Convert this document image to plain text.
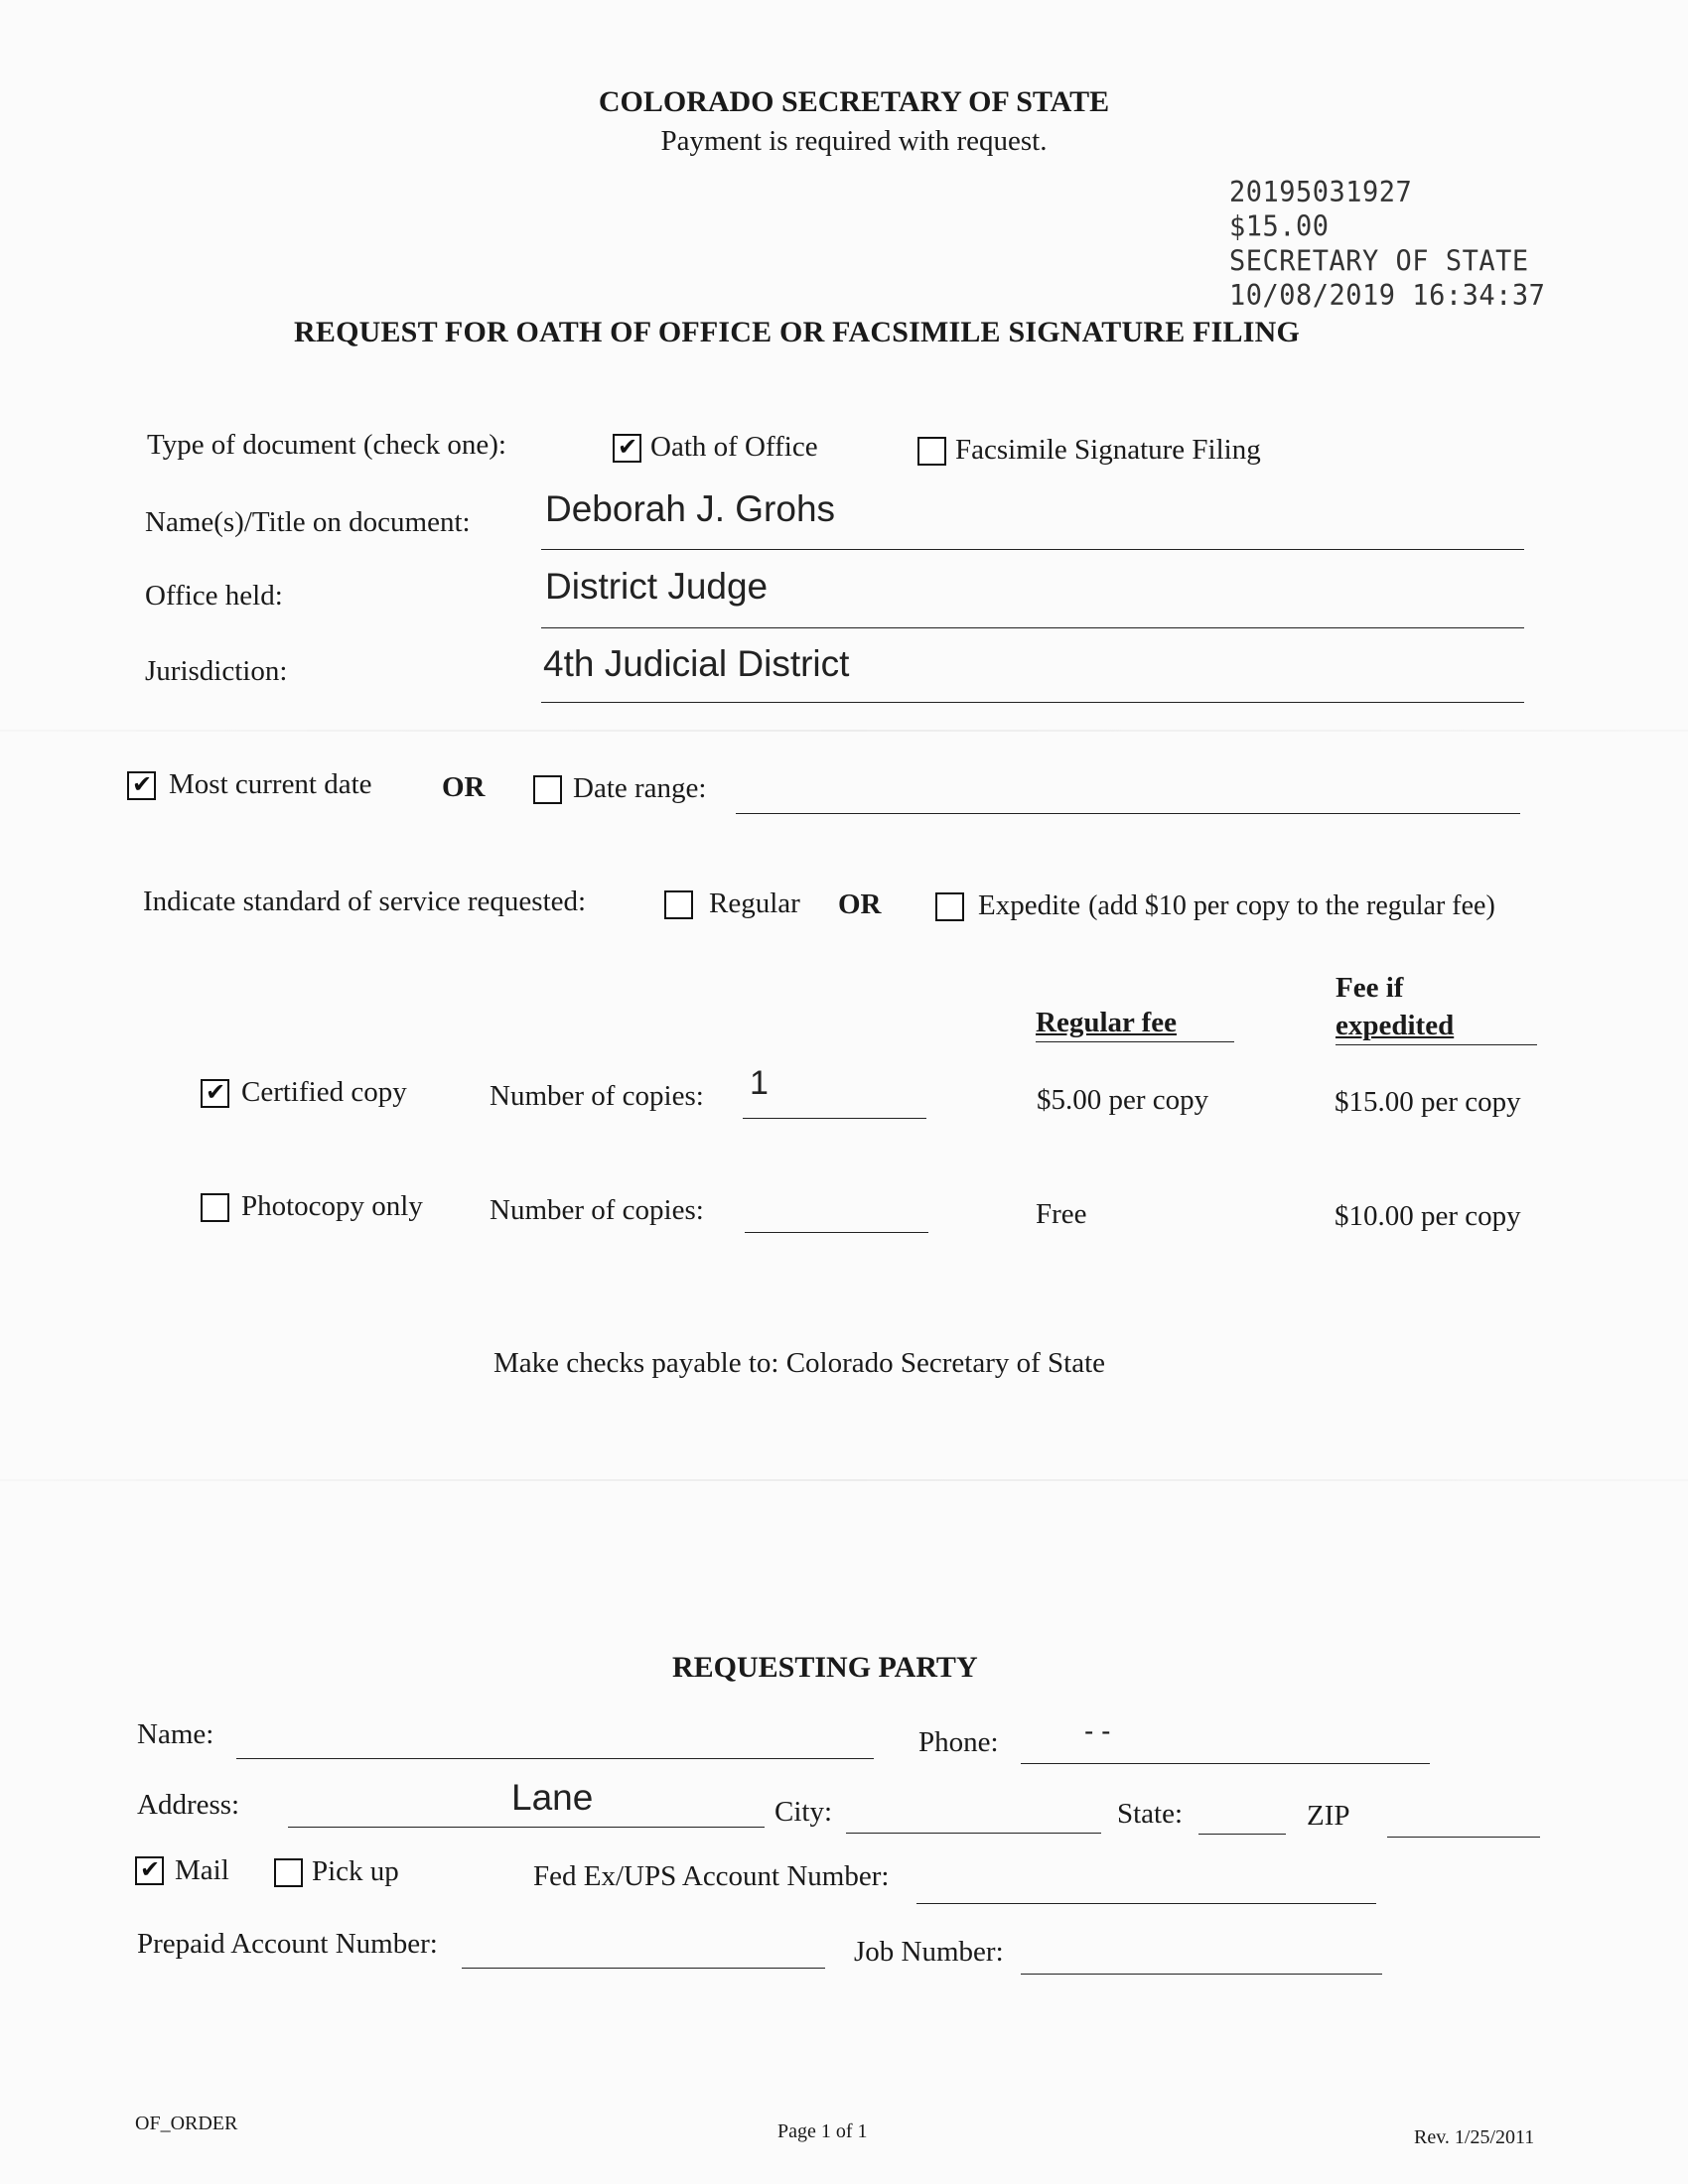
COLORADO SECRETARY OF STATE
Payment is required with request.
20195031927
$15.00
SECRETARY OF STATE
10/08/2019 16:34:37
REQUEST FOR OATH OF OFFICE OR FACSIMILE SIGNATURE FILING
Type of document (check one): ✔	Oath of Office	Facsimile Signature Filing
Name(s)/Title on document: Deborah J. Grohs
Office held:	District Judge
Jurisdiction:	4th Judicial District
✔
Most current date OR	Date range:
Indicate standard of service requested:	Regular OR	Expedite (add $10 per copy to the regular fee)
Regular fee
Fee if
expedited
✔
Certified copy	Number of copies: 1	$5.00 per copy	$15.00 per copy
Photocopy only Number of copies:	Free	$10.00 per copy
Make checks payable to: Colorado Secretary of State
REQUESTING PARTY
Name:	Phone:	- -
Address:	Lane	City:	State:	ZIP
✔
Mail	Pick up	Fed Ex/UPS Account Number:
Prepaid Account Number:	Job Number:
OF_ORDER	Page 1 of 1	Rev. 1/25/2011
